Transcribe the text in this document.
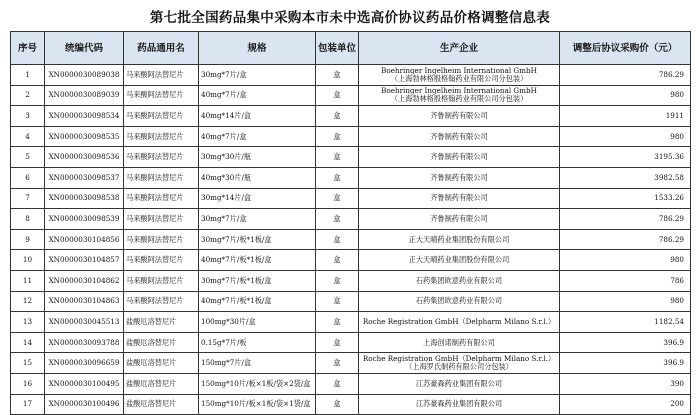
第七批全国药品集中采购本市未中选高价协议药品价格调整信息表
序号	统编代码	药品通用名	规格	包装单位	生产企业	调整后协议采购价（元）
1	XN0000030089038	马来酸阿法替尼片	30mg*7片/盒	盒	Boehringer Ingelheim International GmbH
（上海勃林格殷格翰药业有限公司分包装）	786.29
2	XN0000030089039	马来酸阿法替尼片	40mg*7片/盒	盒	Boehringer Ingelheim International GmbH
（上海勃林格殷格翰药业有限公司分包装）	980
3	XN0000030098534	马来酸阿法替尼片	40mg*14片/盒	盒	齐鲁制药有限公司	1911
4	XN0000030098535	马来酸阿法替尼片	40mg*7片/盒	盒	齐鲁制药有限公司	980
5	XN0000030098536	马来酸阿法替尼片	30mg*30片/瓶	盒	齐鲁制药有限公司	3195.36
6	XN0000030098537	马来酸阿法替尼片	40mg*30片/瓶	盒	齐鲁制药有限公司	3982.58
7	XN0000030098538	马来酸阿法替尼片	30mg*14片/盒	盒	齐鲁制药有限公司	1533.26
8	XN0000030098539	马来酸阿法替尼片	30mg*7片/盒	盒	齐鲁制药有限公司	786.29
9	XN0000030104856	马来酸阿法替尼片	30mg*7片/板*1板/盒	盒	正大天晴药业集团股份有限公司	786.29
10	XN0000030104857	马来酸阿法替尼片	40mg*7片/板*1板/盒	盒	正大天晴药业集团股份有限公司	980
11	XN0000030104862	马来酸阿法替尼片	30mg*7片/板*1板/盒	盒	石药集团欧意药业有限公司	786
12	XN0000030104863	马来酸阿法替尼片	40mg*7片/板*1板/盒	盒	石药集团欧意药业有限公司	980
13	XN0000030045513	盐酸厄洛替尼片	100mg*30片/盒	盒	Roche Registration GmbH（Delpharm Milano S.r.l.）	1182.54
14	XN0000030093788	盐酸厄洛替尼片	0.15g*7片/板	盒	上海创诺制药有限公司	396.9
15	XN0000030096659	盐酸厄洛替尼片	150mg*7片/盒	盒	Roche Registration GmbH（Delpharm Milano S.r.l.）
（上海罗氏制药有限公司分包装）	396.9
16	XN0000030100495	盐酸厄洛替尼片	150mg*10片/板×1板/袋×2袋/盒	盒	江苏豪森药业集团有限公司	390
17	XN0000030100496	盐酸厄洛替尼片	150mg*10片/板×1板/袋×1袋/盒	盒	江苏豪森药业集团有限公司	200
